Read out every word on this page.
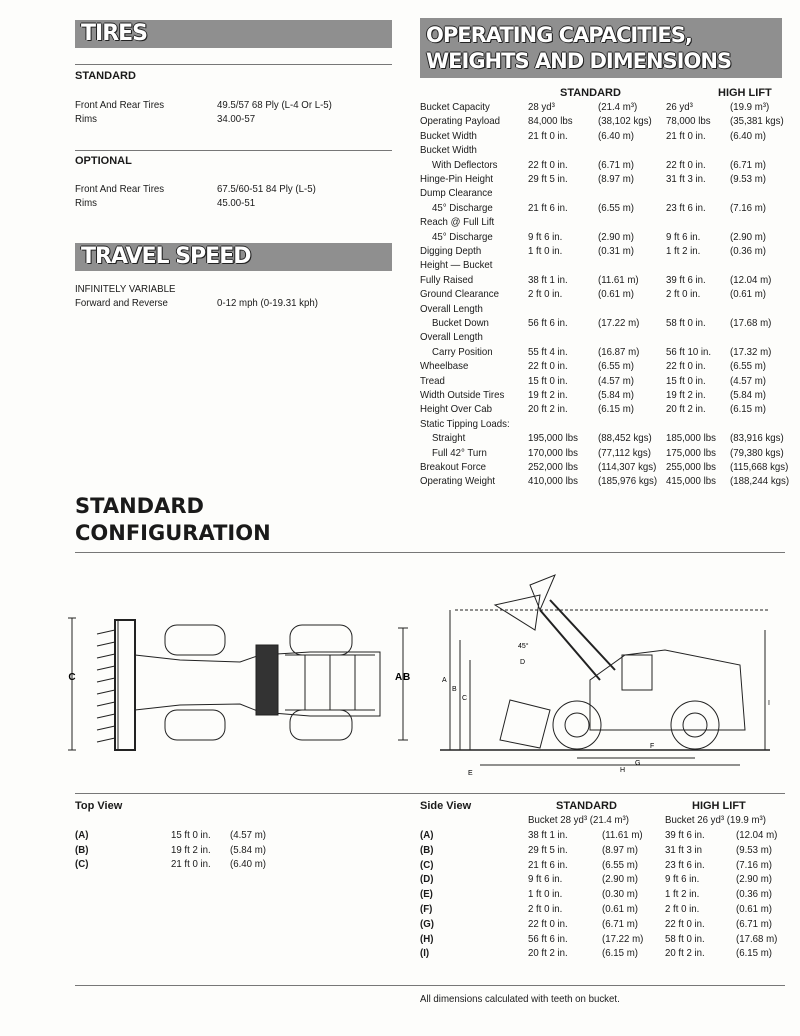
TIRES
STANDARD
Front And Rear Tires	49.5/57 68 Ply (L-4 Or L-5)
Rims	34.00-57
OPTIONAL
Front And Rear Tires	67.5/60-51 84 Ply (L-5)
Rims	45.00-51
TRAVEL SPEED
INFINITELY VARIABLE
Forward and Reverse	0-12 mph (0-19.31 kph)
OPERATING CAPACITIES,
WEIGHTS AND DIMENSIONS
STANDARD	HIGH LIFT
Bucket Capacity	28 yd³	(21.4 m³)	26 yd³	(19.9 m³)
Operating Payload	84,000 lbs (38,102 kgs) 78,000 lbs (35,381 kgs)
Bucket Width	21 ft 0 in.	(6.40 m)	21 ft 0 in. (6.40 m)
Bucket Width
With Deflectors	22 ft 0 in.	(6.71 m)	22 ft 0 in. (6.71 m)
Hinge-Pin Height	29 ft 5 in.	(8.97 m)	31 ft 3 in. (9.53 m)
Dump Clearance
45° Discharge	21 ft 6 in.	(6.55 m)	23 ft 6 in. (7.16 m)
Reach @ Full Lift
45° Discharge	9 ft 6 in.	(2.90 m)	9 ft 6 in.	(2.90 m)
Digging Depth	1 ft 0 in.	(0.31 m)	1 ft 2 in.	(0.36 m)
Height — Bucket
Fully Raised	38 ft 1 in.	(11.61 m)	39 ft 6 in. (12.04 m)
Ground Clearance	2 ft 0 in.	(0.61 m)	2 ft 0 in.	(0.61 m)
Overall Length
Bucket Down	56 ft 6 in.	(17.22 m)	58 ft 0 in. (17.68 m)
Overall Length
Carry Position	55 ft 4 in.	(16.87 m)	56 ft 10 in. (17.32 m)
Wheelbase	22 ft 0 in.	(6.55 m)	22 ft 0 in. (6.55 m)
Tread	15 ft 0 in.	(4.57 m)	15 ft 0 in. (4.57 m)
Width Outside Tires 19 ft 2 in.	(5.84 m)	19 ft 2 in. (5.84 m)
Height Over Cab	20 ft 2 in.	(6.15 m)	20 ft 2 in. (6.15 m)
Static Tipping Loads:
Straight	195,000 lbs (88,452 kgs) 185,000 lbs (83,916 kgs)
Full 42° Turn	170,000 lbs (77,112 kgs) 175,000 lbs (79,380 kgs)
Breakout Force	252,000 lbs (114,307 kgs) 255,000 lbs (115,668 kgs)
Operating Weight	410,000 lbs (185,976 kgs) 415,000 lbs (188,244 kgs)
STANDARD
CONFIGURATION
C	A B
45°
A
B
C
D
E
F
G
H
I
Top View
(A)	15 ft 0 in. (4.57 m)
(B)	19 ft 2 in. (5.84 m)
(C)	21 ft 0 in. (6.40 m)
Side View	STANDARD	HIGH LIFT
Bucket 28 yd³ (21.4 m³)	Bucket 26 yd³ (19.9 m³)
(A)	38 ft 1 in.	(11.61 m) 39 ft 6 in.	(12.04 m)
(B)	29 ft 5 in.	(8.97 m)	31 ft 3 in	(9.53 m)
(C)	21 ft 6 in.	(6.55 m)	23 ft 6 in.	(7.16 m)
(D)	9 ft 6 in.	(2.90 m)	9 ft 6 in.	(2.90 m)
(E)	1 ft 0 in.	(0.30 m)	1 ft 2 in.	(0.36 m)
(F)	2 ft 0 in.	(0.61 m)	2 ft 0 in.	(0.61 m)
(G)	22 ft 0 in.	(6.71 m)	22 ft 0 in.	(6.71 m)
(H)	56 ft 6 in.	(17.22 m) 58 ft 0 in.	(17.68 m)
(I)	20 ft 2 in.	(6.15 m)	20 ft 2 in.	(6.15 m)
All dimensions calculated with teeth on bucket.
